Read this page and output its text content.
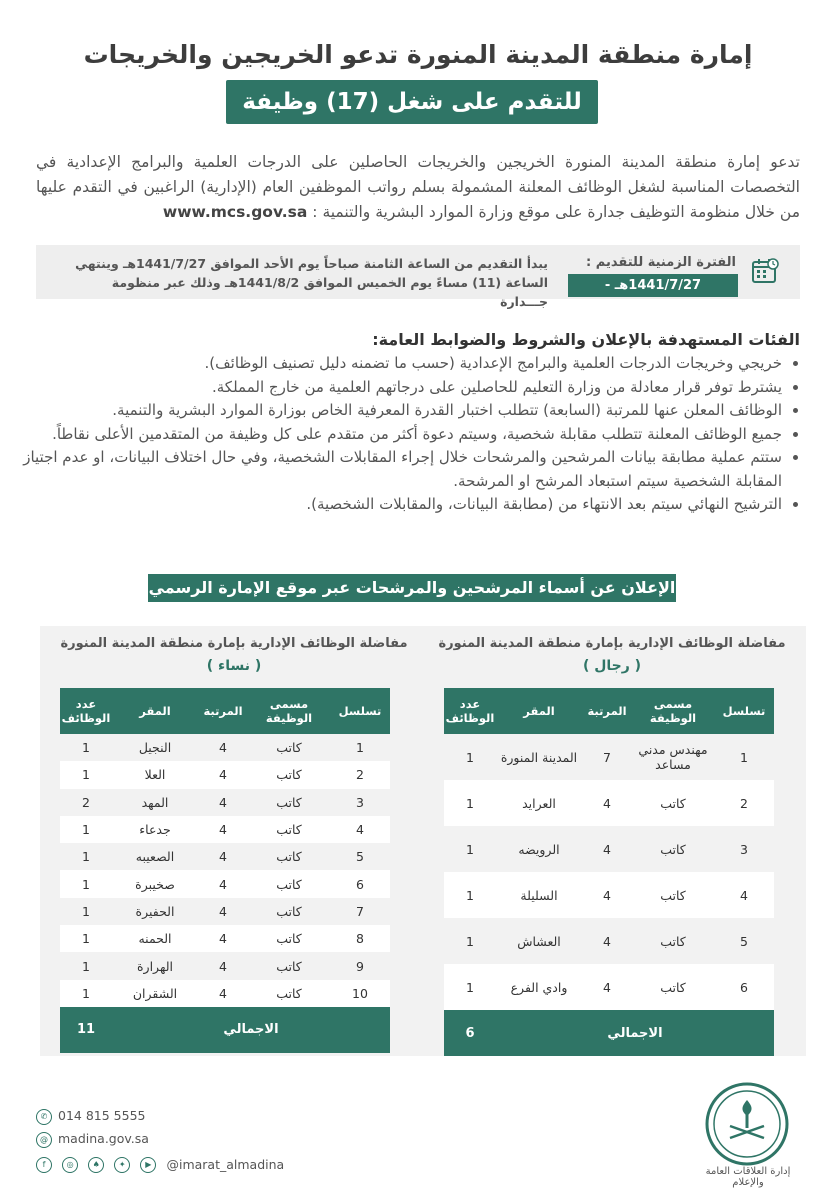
إمارة منطقة المدينة المنورة تدعو الخريجين والخريجات
للتقدم على شغل (17) وظيفة إدارية
تدعو إمارة منطقة المدينة المنورة الخريجين والخريجات الحاصلين على الدرجات العلمية والبرامج الإعدادية في التخصصات المناسبة لشغل الوظائف المعلنة المشمولة بسلم رواتب الموظفين العام (الإدارية) الراغبين في التقدم عليها من خلال منظومة التوظيف جدارة على موقع وزارة الموارد البشرية والتنمية : www.mcs.gov.sa
الفترة الزمنية للتقديم :
1441/7/27هـ - 1441/8/2هـ
يبدأ التقديم من الساعة الثامنة صباحاً يوم الأحد الموافق 1441/7/27هـ وينتهي الساعة (11) مساءً يوم الخميس الموافق 1441/8/2هـ وذلك عبر منظومة جـــدارة
الفئات المستهدفة بالإعلان والشروط والضوابط العامة:
• خريجي وخريجات الدرجات العلمية والبرامج الإعدادية (حسب ما تضمنه دليل تصنيف الوظائف).
• يشترط توفر قرار معادلة من وزارة التعليم للحاصلين على درجاتهم العلمية من خارج المملكة.
• الوظائف المعلن عنها للمرتبة (السابعة) تتطلب اختبار القدرة المعرفية الخاص بوزارة الموارد البشرية والتنمية.
• جميع الوظائف المعلنة تتطلب مقابلة شخصية، وسيتم دعوة أكثر من متقدم على كل وظيفة من المتقدمين الأعلى نقاطاً.
• ستتم عملية مطابقة بيانات المرشحين والمرشحات خلال إجراء المقابلات الشخصية، وفي حال اختلاف البيانات، او عدم اجتياز المقابلة الشخصية سيتم استبعاد المرشح او المرشحة.
• الترشيح النهائي سيتم بعد الانتهاء من (مطابقة البيانات، والمقابلات الشخصية).
الإعلان عن أسماء المرشحين والمرشحات عبر موقع الإمارة الرسمي
مفاضلة الوظائف الإدارية بإمارة منطقة المدينة المنورة
( رجال )
تسلسل	مسمى الوظيفة	المرتبة	المقر	عدد الوظائف
1	مهندس مدني مساعد	7	المدينة المنورة	1
2	كاتب	4	العرايد	1
3	كاتب	4	الرويضه	1
4	كاتب	4	السليلة	1
5	كاتب	4	العشاش	1
6	كاتب	4	وادي الفرع	1
الاجمالي				6
مفاضلة الوظائف الإدارية بإمارة منطقة المدينة المنورة
( نساء )
تسلسل	مسمى الوظيفة	المرتبة	المقر	عدد الوظائف
1	كاتب	4	النجيل	1
2	كاتب	4	العلا	1
3	كاتب	4	المهد	2
4	كاتب	4	جدعاء	1
5	كاتب	4	الصعيبه	1
6	كاتب	4	صخيبرة	1
7	كاتب	4	الحفيرة	1
8	كاتب	4	الحمنه	1
9	كاتب	4	الهرارة	1
10	كاتب	4	الشقران	1
الاجمالي				11
✆ 014 815 5555
@ madina.gov.sa
f	◎ ♠ ✦ ▶ @imarat_almadina	إدارة العلاقات العامة والإعلام
